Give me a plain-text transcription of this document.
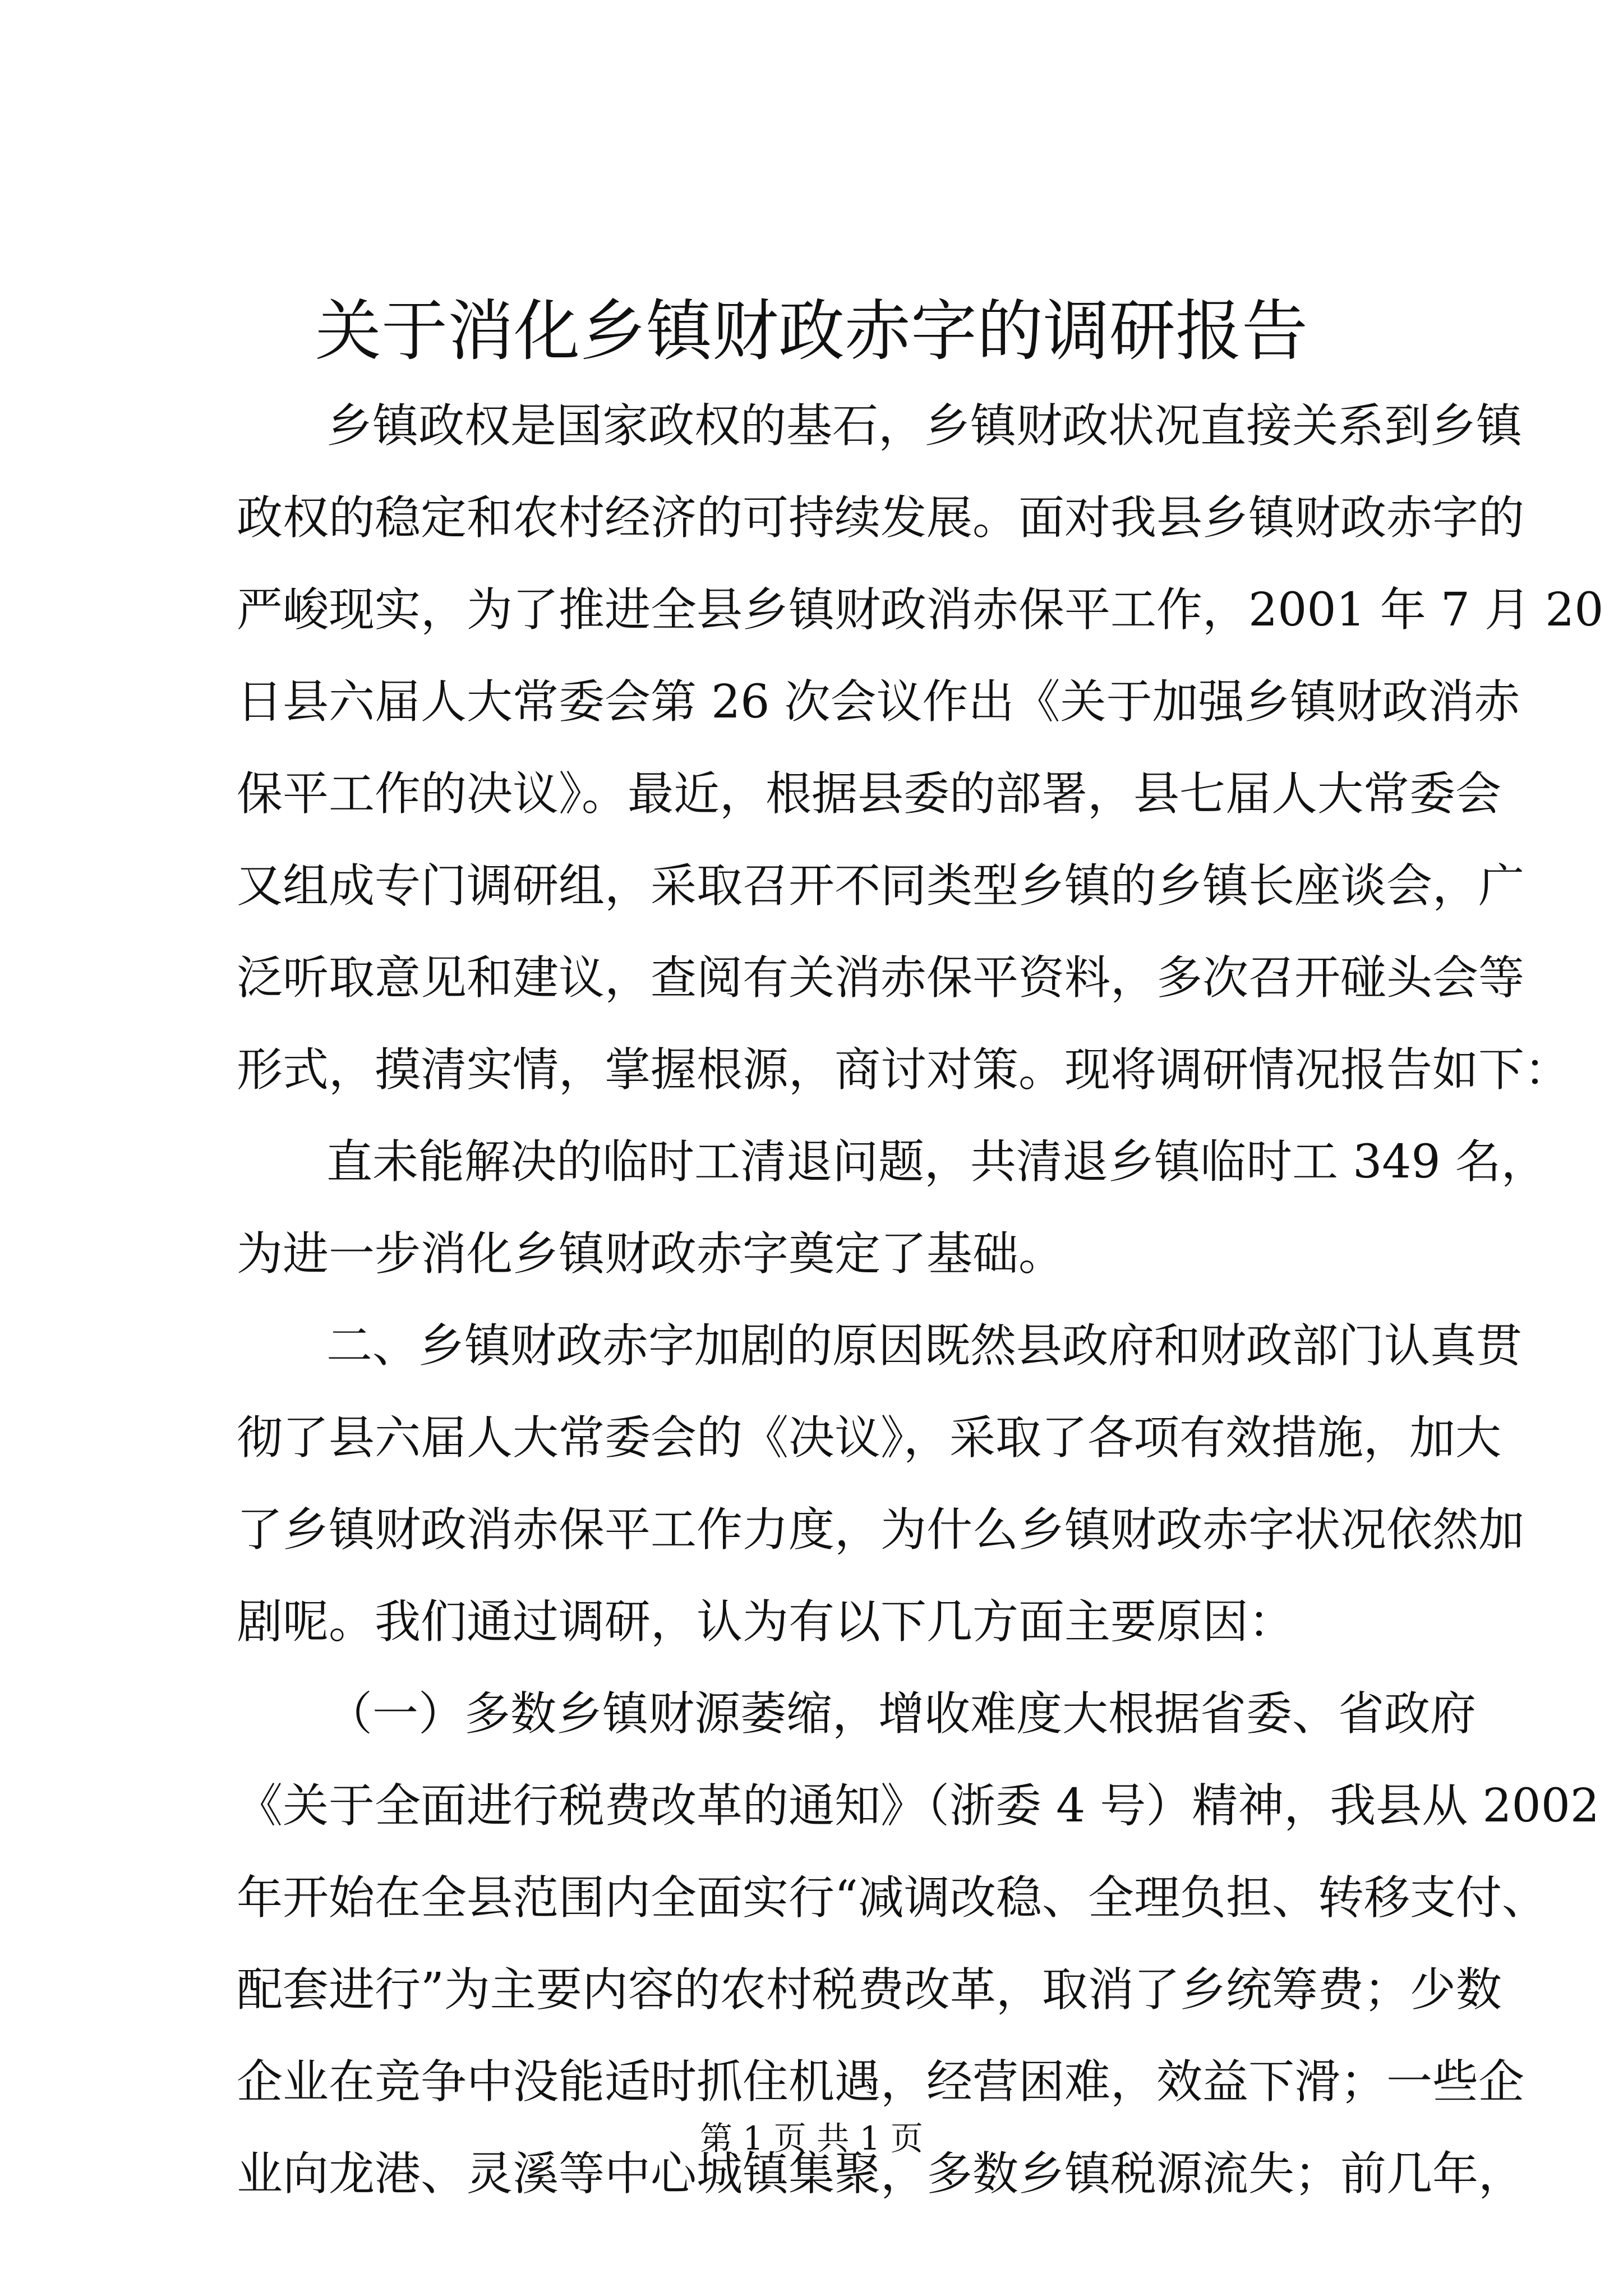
关于消化乡镇财政赤字的调研报告
乡镇政权是国家政权的基石，乡镇财政状况直接关系到乡镇
政权的稳定和农村经济的可持续发展。面对我县乡镇财政赤字的
严峻现实，为了推进全县乡镇财政消赤保平工作，2001 年 7 月 20
日县六届人大常委会第 26 次会议作出《关于加强乡镇财政消赤
保平工作的决议》。最近，根据县委的部署，县七届人大常委会
又组成专门调研组，采取召开不同类型乡镇的乡镇长座谈会，广
泛听取意见和建议，查阅有关消赤保平资料，多次召开碰头会等
形式，摸清实情，掌握根源，商讨对策。现将调研情况报告如下：
直未能解决的临时工清退问题，共清退乡镇临时工 349 名，
为进一步消化乡镇财政赤字奠定了基础。
二、乡镇财政赤字加剧的原因既然县政府和财政部门认真贯
彻了县六届人大常委会的《决议》，采取了各项有效措施，加大
了乡镇财政消赤保平工作力度，为什么乡镇财政赤字状况依然加
剧呢。我们通过调研，认为有以下几方面主要原因：
（一）多数乡镇财源萎缩，增收难度大根据省委、省政府
《关于全面进行税费改革的通知》（浙委 4 号）精神，我县从 2002
年开始在全县范围内全面实行“减调改稳、全理负担、转移支付、
配套进行”为主要内容的农村税费改革，取消了乡统筹费；少数
企业在竞争中没能适时抓住机遇，经营困难，效益下滑；一些企
业向龙港、灵溪等中心城镇集聚，多数乡镇税源流失；前几年，
第 1 页 共 1 页
